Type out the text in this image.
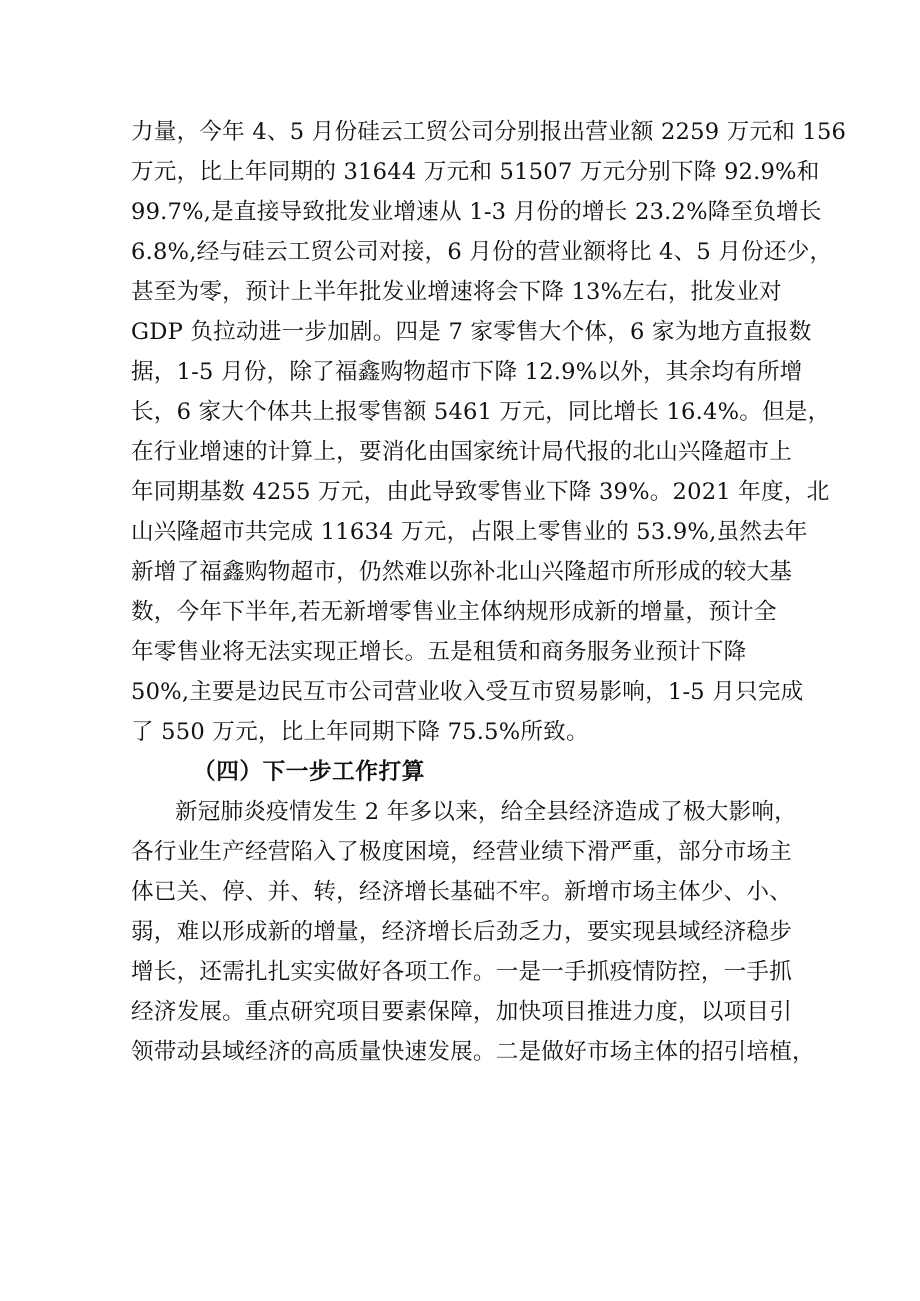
力量，今年 4、5 月份硅云工贸公司分别报出营业额 2259 万元和 156
万元，比上年同期的 31644 万元和 51507 万元分别下降 92.9%和
99.7%,是直接导致批发业增速从 1-3 月份的增长 23.2%降至负增长
6.8%,经与硅云工贸公司对接，6 月份的营业额将比 4、5 月份还少，
甚至为零，预计上半年批发业增速将会下降 13%左右，批发业对
GDP 负拉动进一步加剧。四是 7 家零售大个体，6 家为地方直报数
据，1-5 月份，除了福鑫购物超市下降 12.9%以外，其余均有所增
长，6 家大个体共上报零售额 5461 万元，同比增长 16.4%。但是，
在行业增速的计算上，要消化由国家统计局代报的北山兴隆超市上
年同期基数 4255 万元，由此导致零售业下降 39%。2021 年度，北
山兴隆超市共完成 11634 万元，占限上零售业的 53.9%,虽然去年
新增了福鑫购物超市，仍然难以弥补北山兴隆超市所形成的较大基
数，今年下半年,若无新增零售业主体纳规形成新的增量，预计全
年零售业将无法实现正增长。五是租赁和商务服务业预计下降
50%,主要是边民互市公司营业收入受互市贸易影响，1-5 月只完成
了 550 万元，比上年同期下降 75.5%所致。
（四）下一步工作打算
新冠肺炎疫情发生 2 年多以来，给全县经济造成了极大影响，
各行业生产经营陷入了极度困境，经营业绩下滑严重，部分市场主
体已关、停、并、转，经济增长基础不牢。新增市场主体少、小、
弱，难以形成新的增量，经济增长后劲乏力，要实现县域经济稳步
增长，还需扎扎实实做好各项工作。一是一手抓疫情防控，一手抓
经济发展。重点研究项目要素保障，加快项目推进力度，以项目引
领带动县域经济的高质量快速发展。二是做好市场主体的招引培植，
